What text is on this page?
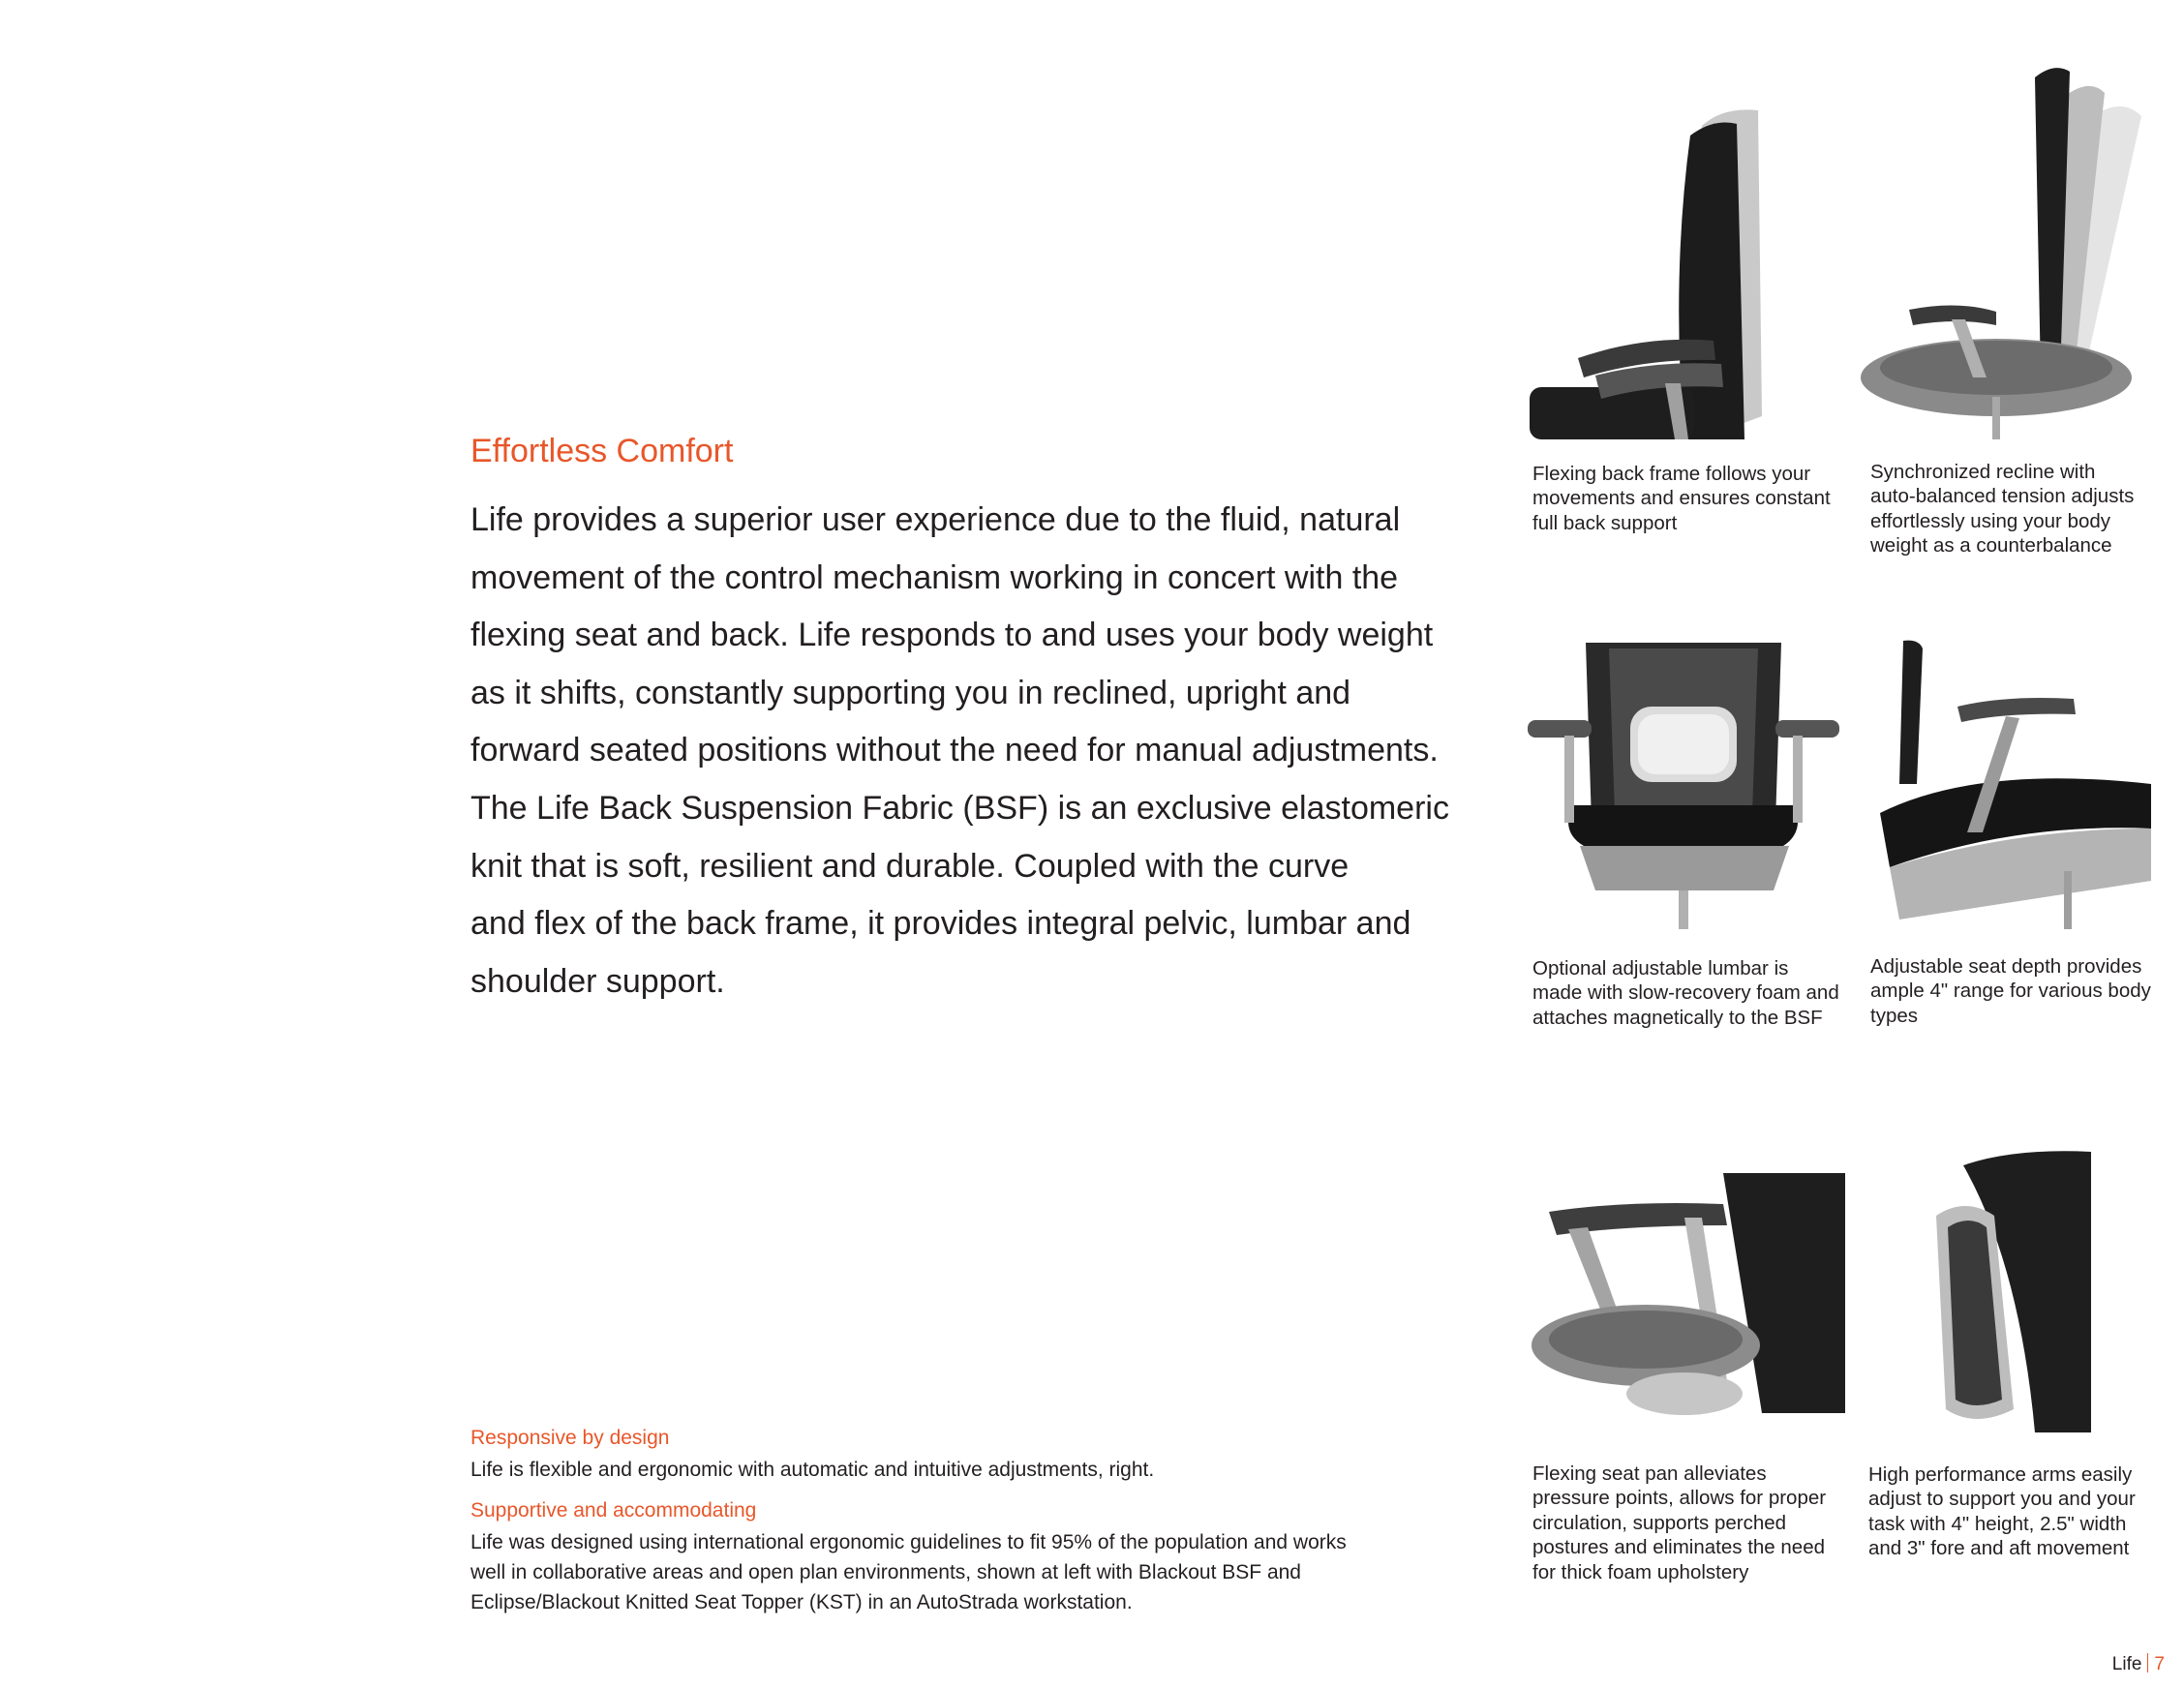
Effortless Comfort

Life provides a superior user experience due to the fluid, natural
movement of the control mechanism working in concert with the
flexing seat and back. Life responds to and uses your body weight
as it shifts, constantly supporting you in reclined, upright and
forward seated positions without the need for manual adjustments.
The Life Back Suspension Fabric (BSF) is an exclusive elastomeric
knit that is soft, resilient and durable. Coupled with the curve
and flex of the back frame, it provides integral pelvic, lumbar and
shoulder support.

Responsive by design

Life is flexible and ergonomic with automatic and intuitive adjustments, right.

Supportive and accommodating

Life was designed using international ergonomic guidelines to fit 95% of the population and works
well in collaborative areas and open plan environments, shown at left with Blackout BSF and
Eclipse/Blackout Knitted Seat Topper (KST) in an AutoStrada workstation.

Flexing back frame follows your
movements and ensures constant
full back support
Synchronized recline with
auto-balanced tension adjusts
effortlessly using your body
weight as a counterbalance
Optional adjustable lumbar is
made with slow-recovery foam and
attaches magnetically to the BSF
Adjustable seat depth provides
ample 4" range for various body
types
Flexing seat pan alleviates
pressure points, allows for proper
circulation, supports perched
postures and eliminates the need
for thick foam upholstery
High performance arms easily
adjust to support you and your
task with 4" height, 2.5" width
and 3" fore and aft movement
Life 7
